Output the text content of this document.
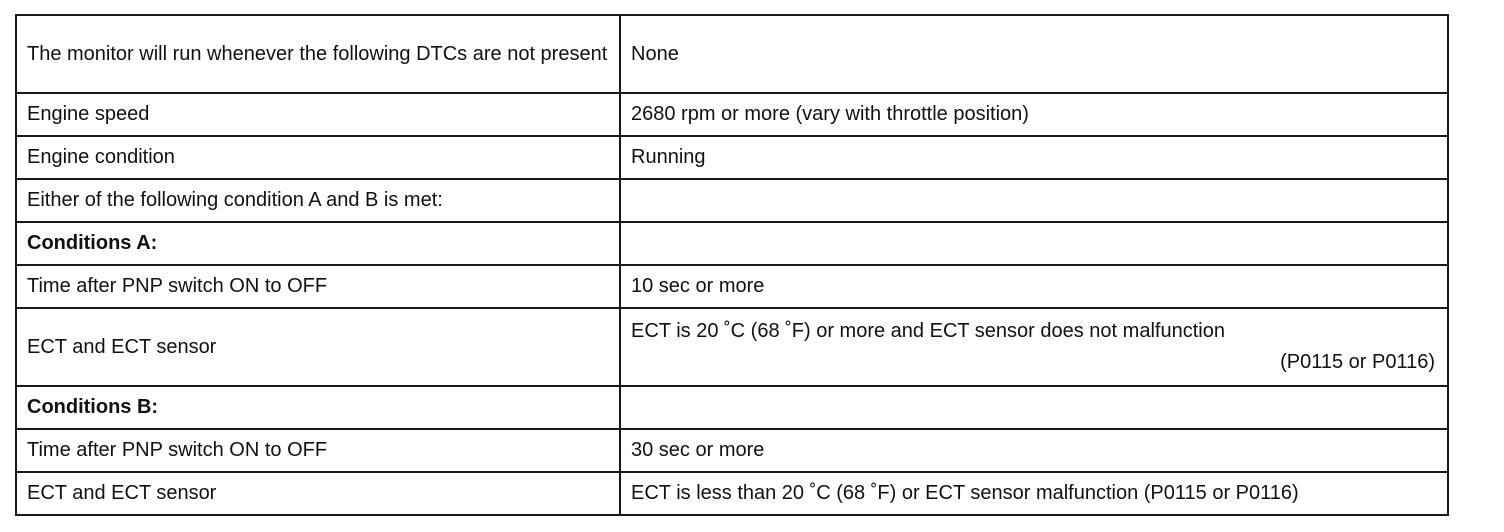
The monitor will run whenever the following DTCs are not present	None
Engine speed	2680 rpm or more (vary with throttle position)
Engine condition	Running
Either of the following condition A and B is met:	
Conditions A:	
Time after PNP switch ON to OFF	10 sec or more
ECT and ECT sensor	ECT is 20 ˚C (68 ˚F) or more and ECT sensor does not malfunction
(P0115 or P0116)

Conditions B:	
Time after PNP switch ON to OFF	30 sec or more
ECT and ECT sensor	ECT is less than 20 ˚C (68 ˚F) or ECT sensor malfunction (P0115 or P0116)
